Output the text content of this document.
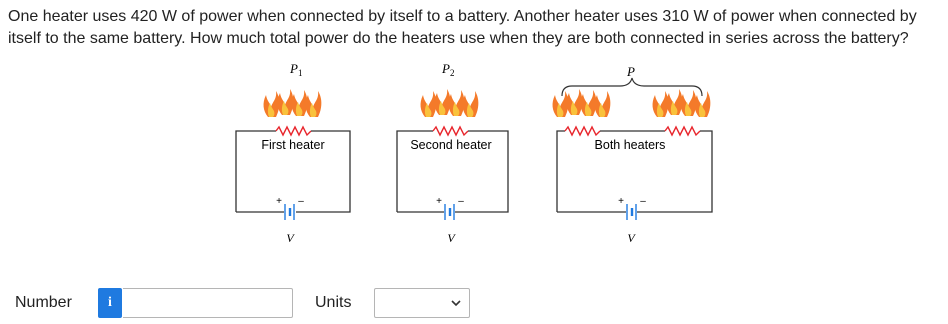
One heater uses 420 W of power when connected by itself to a battery. Another heater uses 310 W of power when connected by itself to the same battery. How much total power do the heaters use when they are both connected in series across the battery?
$P_1$
+ –
V
First heater
$P_2$
+ –
V
Second heater
P
+ –
V
Both heaters
Number	i	Units
